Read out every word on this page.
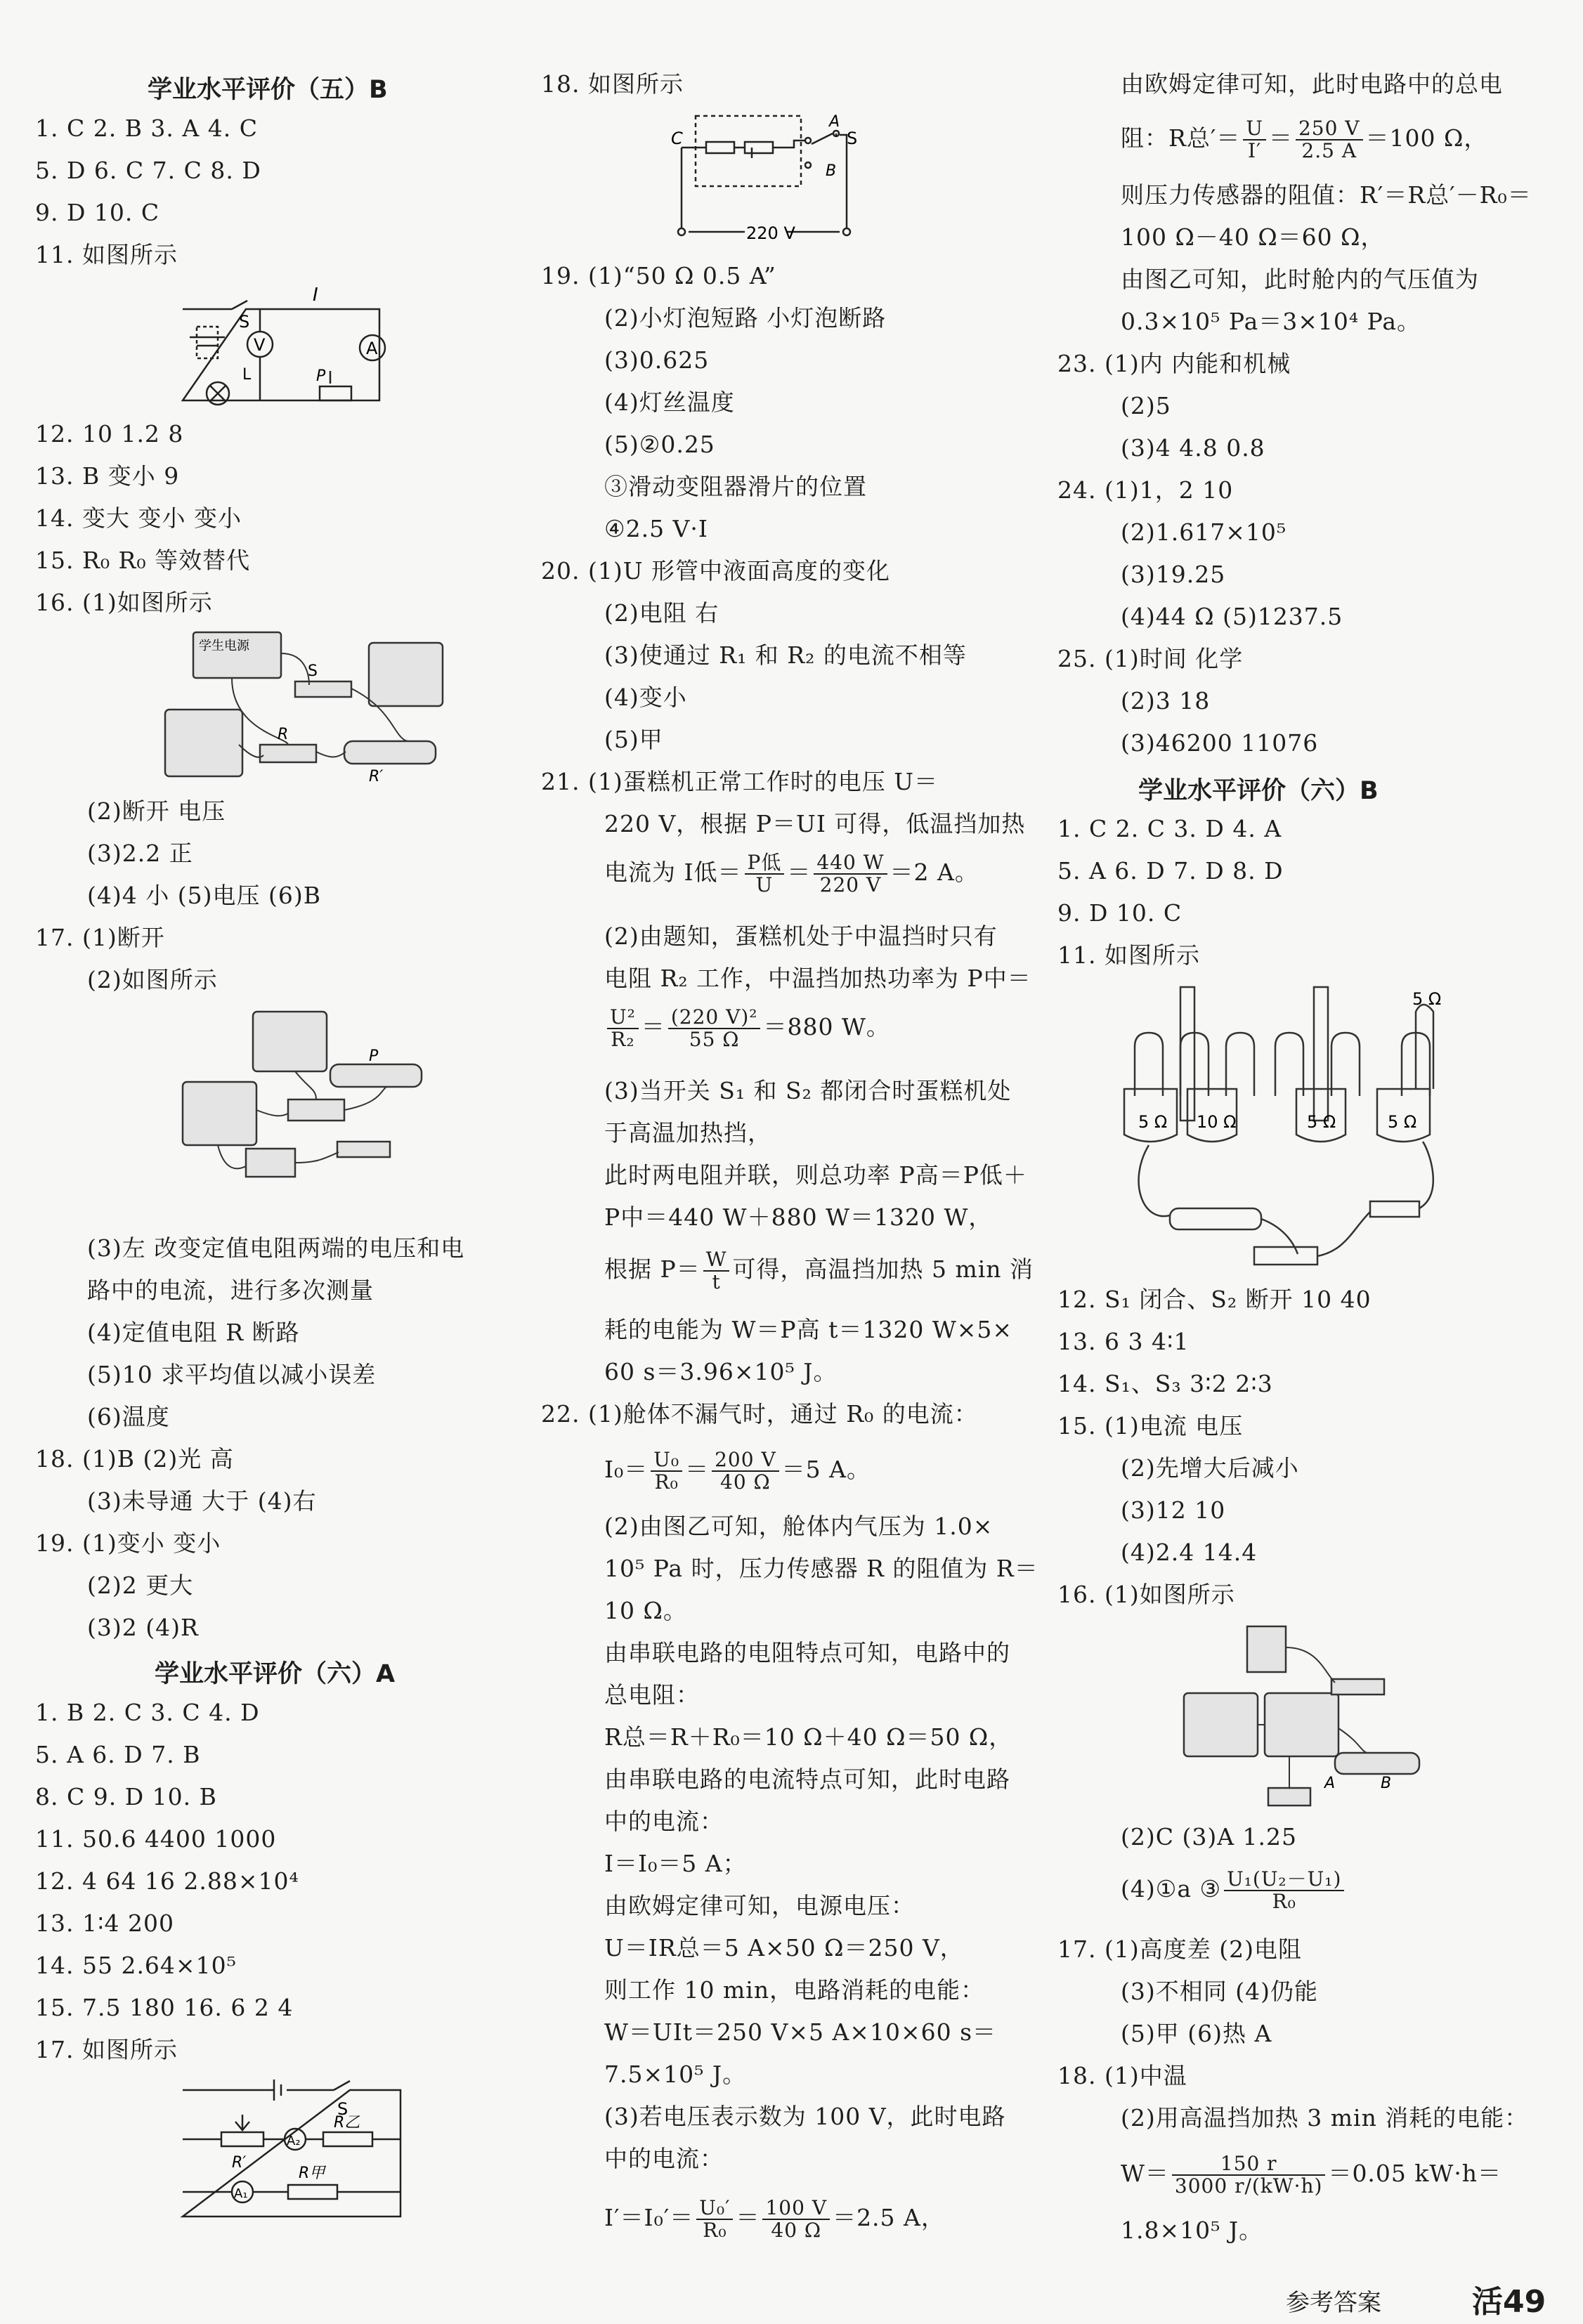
学业水平评价（五）B
1. C 2. B 3. A 4. C
5. D 6. C 7. C 8. D
9. D 10. C
11. 如图所示
I
S
V	A
L	P
12. 10 1.2 8
13. B 变小 9
14. 变大 变小 变小
15. R₀ R₀ 等效替代
16. (1)如图所示
学生电源
S
R
R′
(2)断开 电压
(3)2.2 正
(4)4 小 (5)电压 (6)B
17. (1)断开
(2)如图所示
P
(3)左 改变定值电阻两端的电压和电
路中的电流，进行多次测量
(4)定值电阻 R 断路
(5)10 求平均值以减小误差
(6)温度
18. (1)B (2)光 高
(3)未导通 大于 (4)右
19. (1)变小 变小
(2)2 更大
(3)2 (4)R
学业水平评价（六）A
1. B 2. C 3. C 4. D
5. A 6. D 7. B
8. C 9. D 10. B
11. 50.6 4400 1000
12. 4 64 16 2.88×10⁴
13. 1∶4 200
14. 55 2.64×10⁵
15. 7.5 180 16. 6 2 4
17. 如图所示
S
R乙
R′
A₂
A₁
R甲
18. 如图所示
C
A
S
B
220 V
19. (1)“50 Ω 0.5 A”
(2)小灯泡短路 小灯泡断路
(3)0.625
(4)灯丝温度
(5)②0.25
③滑动变阻器滑片的位置
④2.5 V·I
20. (1)U 形管中液面高度的变化
(2)电阻 右
(3)使通过 R₁ 和 R₂ 的电流不相等
(4)变小
(5)甲
21. (1)蛋糕机正常工作时的电压 U＝
220 V，根据 P＝UI 可得，低温挡加热
电流为 I低＝ $\frac{\text{P低}}{U} = \frac{440 W}{220 V} =2$ A。
(2)由题知，蛋糕机处于中温挡时只有
电阻 R₂ 工作，中温挡加热功率为 P中＝
$\frac{\text{U²}}{\text{R₂}} = \frac{\text{(220 V)²}}{55 \Omega} =880$ W。
(3)当开关 S₁ 和 S₂ 都闭合时蛋糕机处
于高温加热挡，
此时两电阻并联，则总功率 P高＝P低＋
P中＝440 W＋880 W＝1320 W，
根据 $P= \frac{W}{t}$ 可得，高温挡加热 5 min 消
耗的电能为 W＝P高 t＝1320 W×5×
60 s＝3.96×10⁵ J。
22. (1)舱体不漏气时，通过 R₀ 的电流：
$I_0= \frac{\text{U₀}}{\text{R₀}} = \frac{200 V}{40 \Omega} =5$ A。
(2)由图乙可知，舱体内气压为 1.0×
10⁵ Pa 时，压力传感器 R 的阻值为 R＝
10 Ω。
由串联电路的电阻特点可知，电路中的
总电阻：
R总＝R＋R₀＝10 Ω＋40 Ω＝50 Ω，
由串联电路的电流特点可知，此时电路
中的电流：
I＝I₀＝5 A；
由欧姆定律可知，电源电压：
U＝IR总＝5 A×50 Ω＝250 V，
则工作 10 min，电路消耗的电能：
W＝UIt＝250 V×5 A×10×60 s＝
7.5×10⁵ J。
(3)若电压表示数为 100 V，此时电路
中的电流：
$I'=I_0'= \frac{\text{U₀′}}{\text{R₀}} = \frac{100 V}{40 \Omega} =2.5$ A，
由欧姆定律可知，此时电路中的总电
阻：R总′＝ $\frac{U}{I'} = \frac{250 V}{2.5 A} =100$ Ω，
则压力传感器的阻值：R′＝R总′－R₀＝
100 Ω－40 Ω＝60 Ω，
由图乙可知，此时舱内的气压值为
0.3×10⁵ Pa＝3×10⁴ Pa。
23. (1)内 内能和机械
(2)5
(3)4 4.8 0.8
24. (1)1，2 10
(2)1.617×10⁵
(3)19.25
(4)44 Ω (5)1237.5
25. (1)时间 化学
(2)3 18
(3)46200 11076
学业水平评价（六）B
1. C 2. C 3. D 4. A
5. A 6. D 7. D 8. D
9. D 10. C
11. 如图所示
5 Ω 10 Ω	5 Ω	5 Ω
5 Ω
12. S₁ 闭合、S₂ 断开 10 40
13. 6 3 4∶1
14. S₁、S₃ 3∶2 2∶3
15. (1)电流 电压
(2)先增大后减小
(3)12 10
(4)2.4 14.4
16. (1)如图所示
A	B
(2)C (3)A 1.25
(4)①a ③ $\frac{\text{U₁(U₂－U₁)}}{\text{R₀}}$
17. (1)高度差 (2)电阻
(3)不相同 (4)仍能
(5)甲 (6)热 A
18. (1)中温
(2)用高温挡加热 3 min 消耗的电能：
$W= \frac{150 r}{3000 r/(kW\cdot h)} =0.05$ kW·h＝
1.8×10⁵ J。
参考答案	活49
